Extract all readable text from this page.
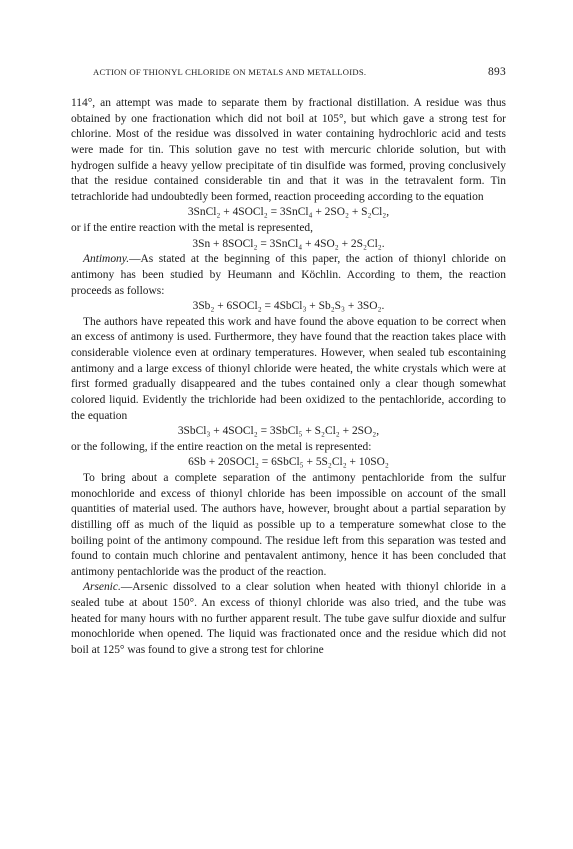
ACTION OF THIONYL CHLORIDE ON METALS AND METALLOIDS.	893

114°, an attempt was made to separate them by fractional distillation. A residue was thus obtained by one fractionation which did not boil at 105°, but which gave a strong test for chlorine. Most of the residue was dissolved in water containing hydrochloric acid and tests were made for tin. This solution gave no test with mercuric chloride solution, but with hydrogen sulfide a heavy yellow precipitate of tin disulfide was formed, proving conclusively that the residue contained considerable tin and that it was in the tetravalent form. Tin tetrachloride had undoubtedly been formed, reaction proceeding according to the equation

3SnCl₂ + 4SOCl₂ = 3SnCl₄ + 2SO₂ + S₂Cl₂,

or if the entire reaction with the metal is represented,

3Sn + 8SOCl₂ = 3SnCl₄ + 4SO₂ + 2S₂Cl₂.

Antimony.—As stated at the beginning of this paper, the action of thionyl chloride on antimony has been studied by Heumann and Köchlin. According to them, the reaction proceeds as follows:

3Sb₂ + 6SOCl₂ = 4SbCl₃ + Sb₂S₃ + 3SO₂.

The authors have repeated this work and have found the above equation to be correct when an excess of antimony is used. Furthermore, they have found that the reaction takes place with considerable violence even at ordinary temperatures. However, when sealed tub escontaining antimony and a large excess of thionyl chloride were heated, the white crystals which were at first formed gradually disappeared and the tubes contained only a clear though somewhat colored liquid. Evidently the trichloride had been oxidized to the pentachloride, according to the equation

3SbCl₃ + 4SOCl₂ = 3SbCl₅ + S₂Cl₂ + 2SO₂,

or the following, if the entire reaction on the metal is represented:

6Sb + 20SOCl₂ = 6SbCl₅ + 5S₂Cl₂ + 10SO₂

To bring about a complete separation of the antimony pentachloride from the sulfur monochloride and excess of thionyl chloride has been impossible on account of the small quantities of material used. The authors have, however, brought about a partial separation by distilling off as much of the liquid as possible up to a temperature somewhat close to the boiling point of the antimony compound. The residue left from this separation was tested and found to contain much chlorine and pentavalent antimony, hence it has been concluded that antimony pentachloride was the product of the reaction.

Arsenic.—Arsenic dissolved to a clear solution when heated with thionyl chloride in a sealed tube at about 150°. An excess of thionyl chloride was also tried, and the tube was heated for many hours with no further apparent result. The tube gave sulfur dioxide and sulfur monochloride when opened. The liquid was fractionated once and the residue which did not boil at 125° was found to give a strong test for chlorine
